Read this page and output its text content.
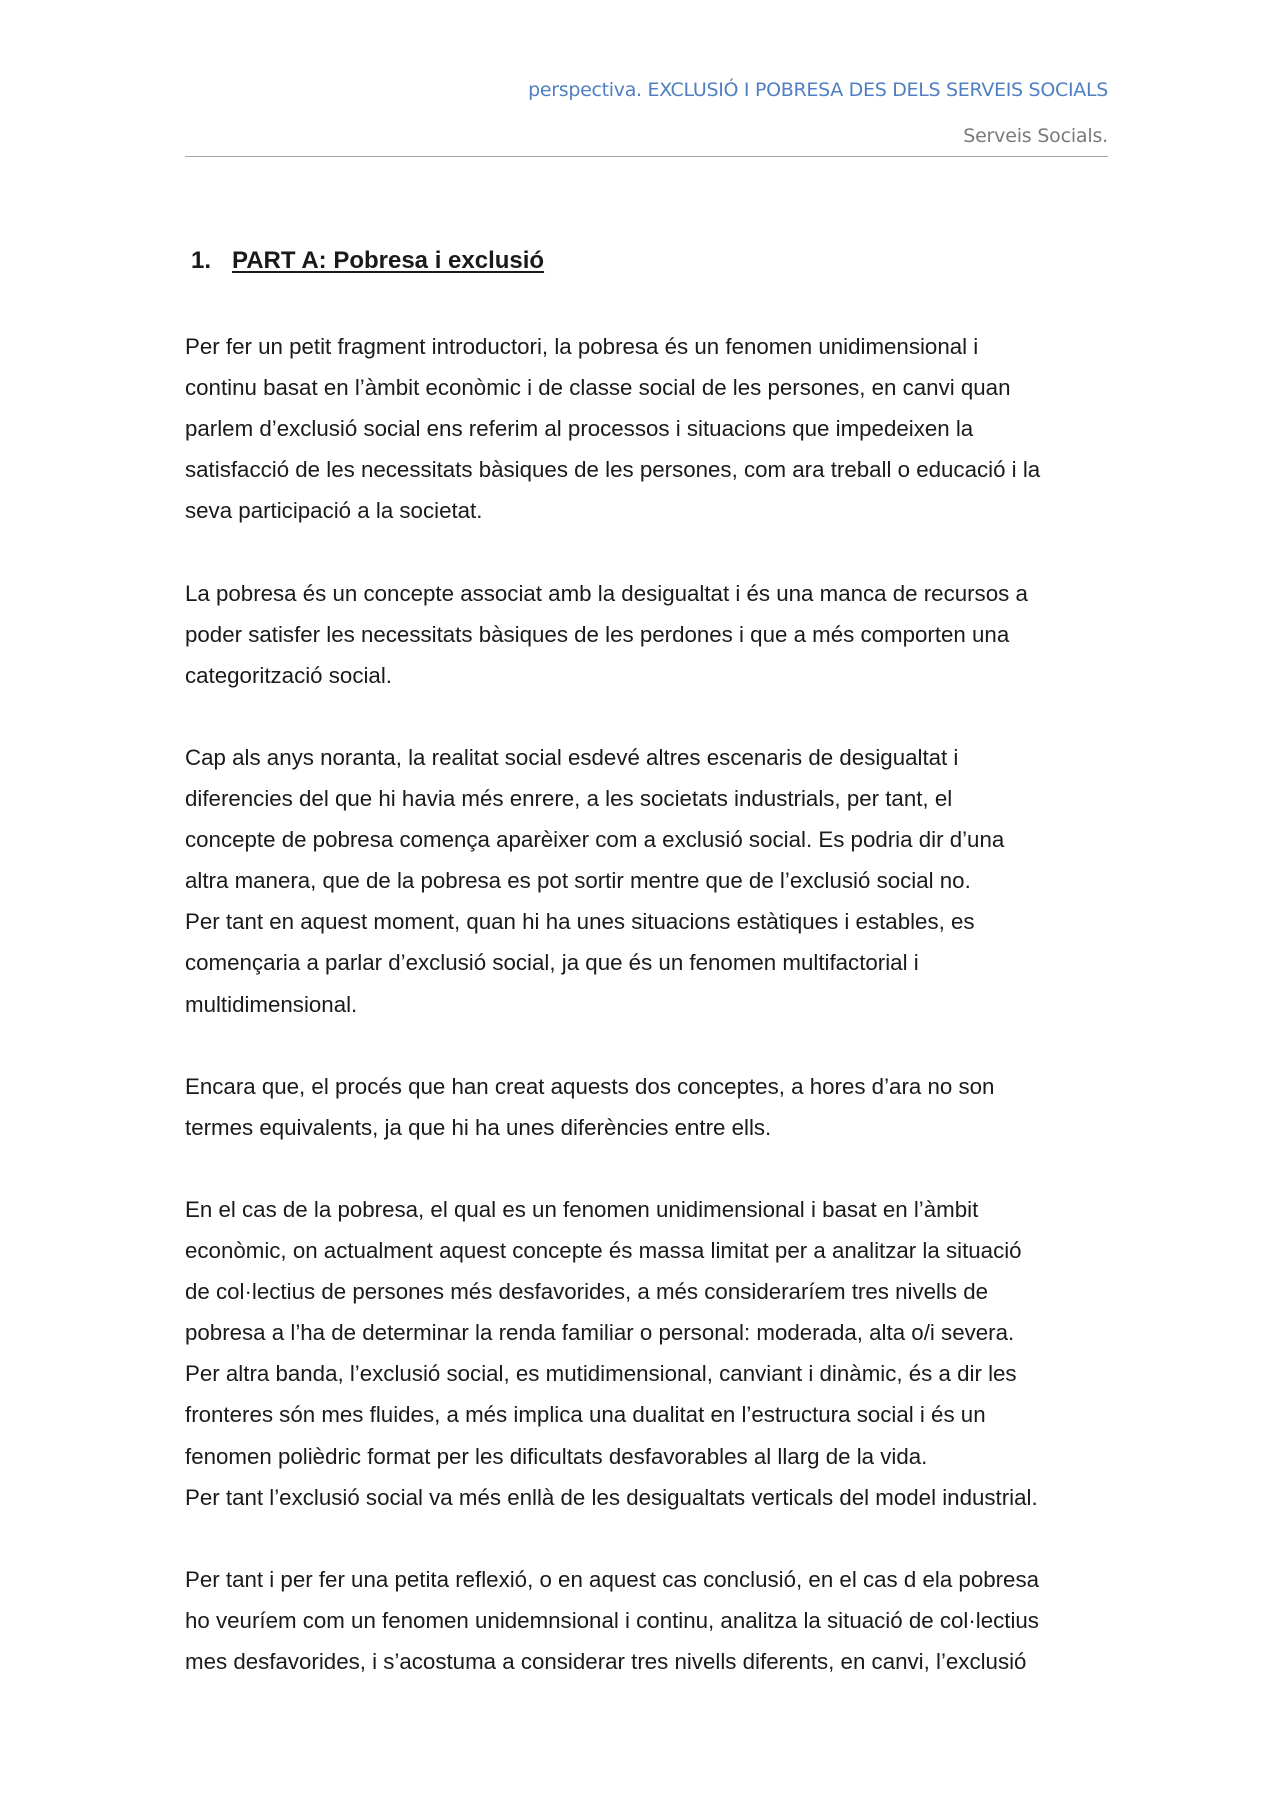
perspectiva. EXCLUSIÓ I POBRESA DES DELS SERVEIS SOCIALS
Serveis Socials.
1. PART A: Pobresa i exclusió

Per fer un petit fragment introductori, la pobresa és un fenomen unidimensional i

continu basat en l’àmbit econòmic i de classe social de les persones, en canvi quan

parlem d’exclusió social ens referim al processos i situacions que impedeixen la

satisfacció de les necessitats bàsiques de les persones, com ara treball o educació i la

seva participació a la societat.

La pobresa és un concepte associat amb la desigualtat i és una manca de recursos a

poder satisfer les necessitats bàsiques de les perdones i que a més comporten una

categorització social.

Cap als anys noranta, la realitat social esdevé altres escenaris de desigualtat i

diferencies del que hi havia més enrere, a les societats industrials, per tant, el

concepte de pobresa comença aparèixer com a exclusió social. Es podria dir d’una

altra manera, que de la pobresa es pot sortir mentre que de l’exclusió social no.

Per tant en aquest moment, quan hi ha unes situacions estàtiques i estables, es

començaria a parlar d’exclusió social, ja que és un fenomen multifactorial i

multidimensional.

Encara que, el procés que han creat aquests dos conceptes, a hores d’ara no son

termes equivalents, ja que hi ha unes diferències entre ells.

En el cas de la pobresa, el qual es un fenomen unidimensional i basat en l’àmbit

econòmic, on actualment aquest concepte és massa limitat per a analitzar la situació

de col·lectius de persones més desfavorides, a més consideraríem tres nivells de

pobresa a l’ha de determinar la renda familiar o personal: moderada, alta o/i severa.

Per altra banda, l’exclusió social, es mutidimensional, canviant i dinàmic, és a dir les

fronteres són mes fluides, a més implica una dualitat en l’estructura social i és un

fenomen polièdric format per les dificultats desfavorables al llarg de la vida.

Per tant l’exclusió social va més enllà de les desigualtats verticals del model industrial.

Per tant i per fer una petita reflexió, o en aquest cas conclusió, en el cas d ela pobresa

ho veuríem com un fenomen unidemnsional i continu, analitza la situació de col·lectius

mes desfavorides, i s’acostuma a considerar tres nivells diferents, en canvi, l’exclusió
